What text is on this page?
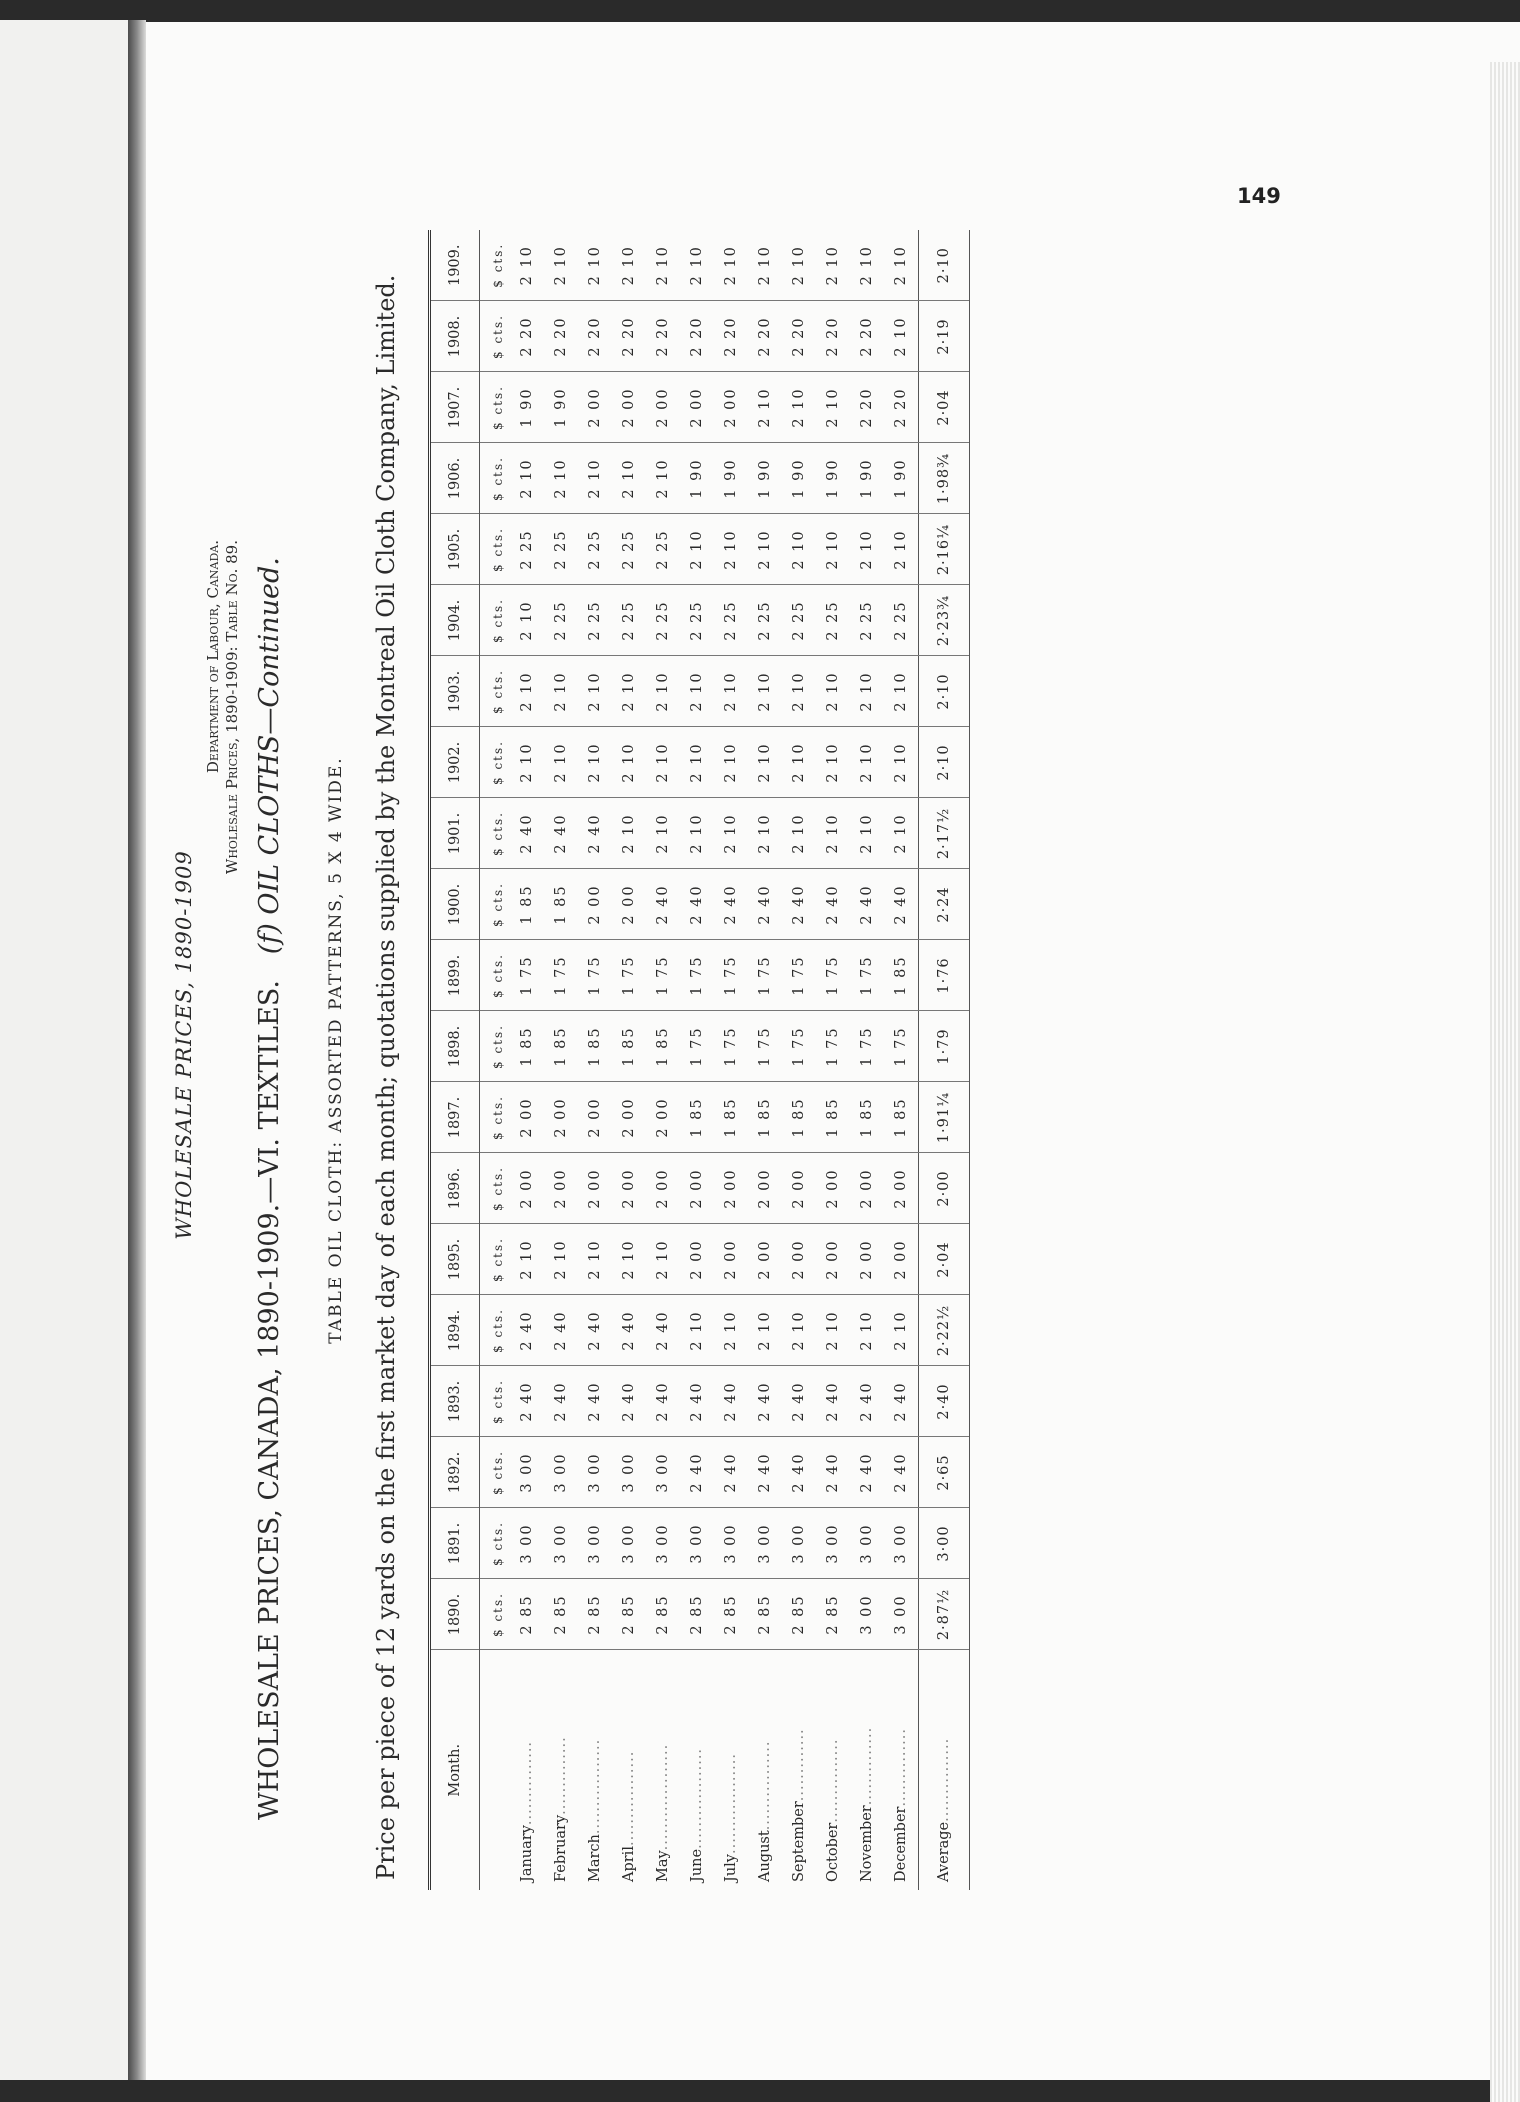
149
WHOLESALE PRICES, 1890-1909
Department of Labour, Canada. Wholesale Prices, 1890-1909: Table No. 89.
WHOLESALE PRICES, CANADA, 1890-1909.—VI. TEXTILES.   (f) OIL CLOTHS—Continued.
TABLE OIL CLOTH: ASSORTED PATTERNS, 5 X 4 WIDE. Price per piece of 12 yards on the first market day of each month; quotations supplied by the Montreal Oil Cloth Company, Limited.	Month.	1890.	1891.	1892.	1893.	1894.	1895.	1896.	1897.	1898.	1899.	1900.	1901.	1902.	1903.	1904.	1905.	1906.	1907.	1908.	1909.
	$ cts.	$ cts.	$ cts.	$ cts.	$ cts.	$ cts.	$ cts.	$ cts.	$ cts.	$ cts.	$ cts.	$ cts.	$ cts.	$ cts.	$ cts.	$ cts.	$ cts.	$ cts.	$ cts.	$ cts.
January...............	2 85	3 00	3 00	2 40	2 40	2 10	2 00	2 00	1 85	1 75	1 85	2 40	2 10	2 10	2 10	2 25	2 10	1 90	2 20	2 10
February..............	2 85	3 00	3 00	2 40	2 40	2 10	2 00	2 00	1 85	1 75	1 85	2 40	2 10	2 10	2 25	2 25	2 10	1 90	2 20	2 10
March.................	2 85	3 00	3 00	2 40	2 40	2 10	2 00	2 00	1 85	1 75	2 00	2 40	2 10	2 10	2 25	2 25	2 10	2 00	2 20	2 10
April.................	2 85	3 00	3 00	2 40	2 40	2 10	2 00	2 00	1 85	1 75	2 00	2 10	2 10	2 10	2 25	2 25	2 10	2 00	2 20	2 10
May...................	2 85	3 00	3 00	2 40	2 40	2 10	2 00	2 00	1 85	1 75	2 40	2 10	2 10	2 10	2 25	2 25	2 10	2 00	2 20	2 10
June..................	2 85	3 00	2 40	2 40	2 10	2 00	2 00	1 85	1 75	1 75	2 40	2 10	2 10	2 10	2 25	2 10	1 90	2 00	2 20	2 10
July..................	2 85	3 00	2 40	2 40	2 10	2 00	2 00	1 85	1 75	1 75	2 40	2 10	2 10	2 10	2 25	2 10	1 90	2 00	2 20	2 10
August................	2 85	3 00	2 40	2 40	2 10	2 00	2 00	1 85	1 75	1 75	2 40	2 10	2 10	2 10	2 25	2 10	1 90	2 10	2 20	2 10
September.............	2 85	3 00	2 40	2 40	2 10	2 00	2 00	1 85	1 75	1 75	2 40	2 10	2 10	2 10	2 25	2 10	1 90	2 10	2 20	2 10
October...............	2 85	3 00	2 40	2 40	2 10	2 00	2 00	1 85	1 75	1 75	2 40	2 10	2 10	2 10	2 25	2 10	1 90	2 10	2 20	2 10
November..............	3 00	3 00	2 40	2 40	2 10	2 00	2 00	1 85	1 75	1 75	2 40	2 10	2 10	2 10	2 25	2 10	1 90	2 20	2 20	2 10
December..............	3 00	3 00	2 40	2 40	2 10	2 00	2 00	1 85	1 75	1 85	2 40	2 10	2 10	2 10	2 25	2 10	1 90	2 20	2 10	2 10
Average...............	2·87½	3·00	2·65	2·40	2·22½	2·04	2·00	1·91¼	1·79	1·76	2·24	2·17½	2·10	2·10	2·23¾	2·16¼	1·98¾	2·04	2·19	2·10
